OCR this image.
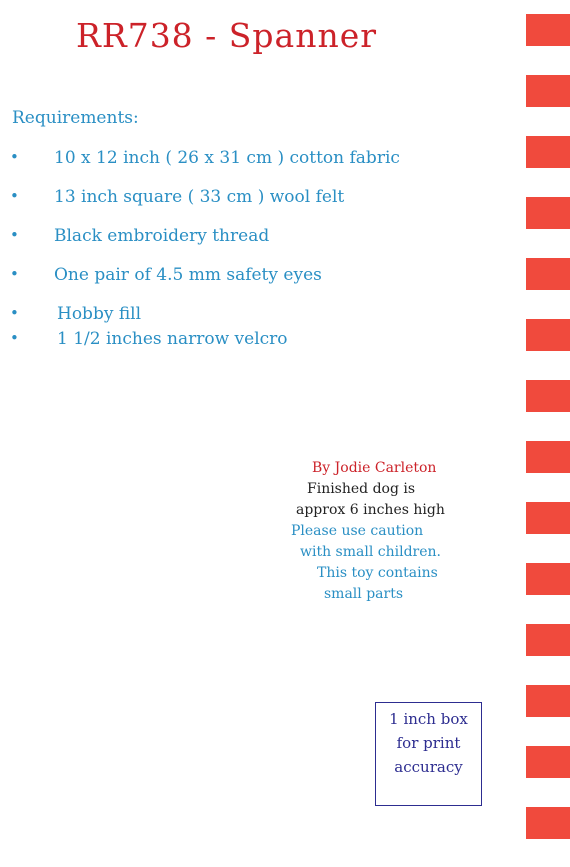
RR738 - Spanner
Requirements:
• 10 x 12 inch ( 26 x 31 cm ) cotton fabric
• 13 inch square ( 33 cm ) wool felt
• Black embroidery thread
• One pair of 4.5 mm safety eyes
• Hobby fill
• 1 1/2 inches narrow velcro
By Jodie Carleton
Finished dog is
approx 6 inches high
Please use caution
with small children.
This toy contains
small parts
1 inch box
for print
accuracy
